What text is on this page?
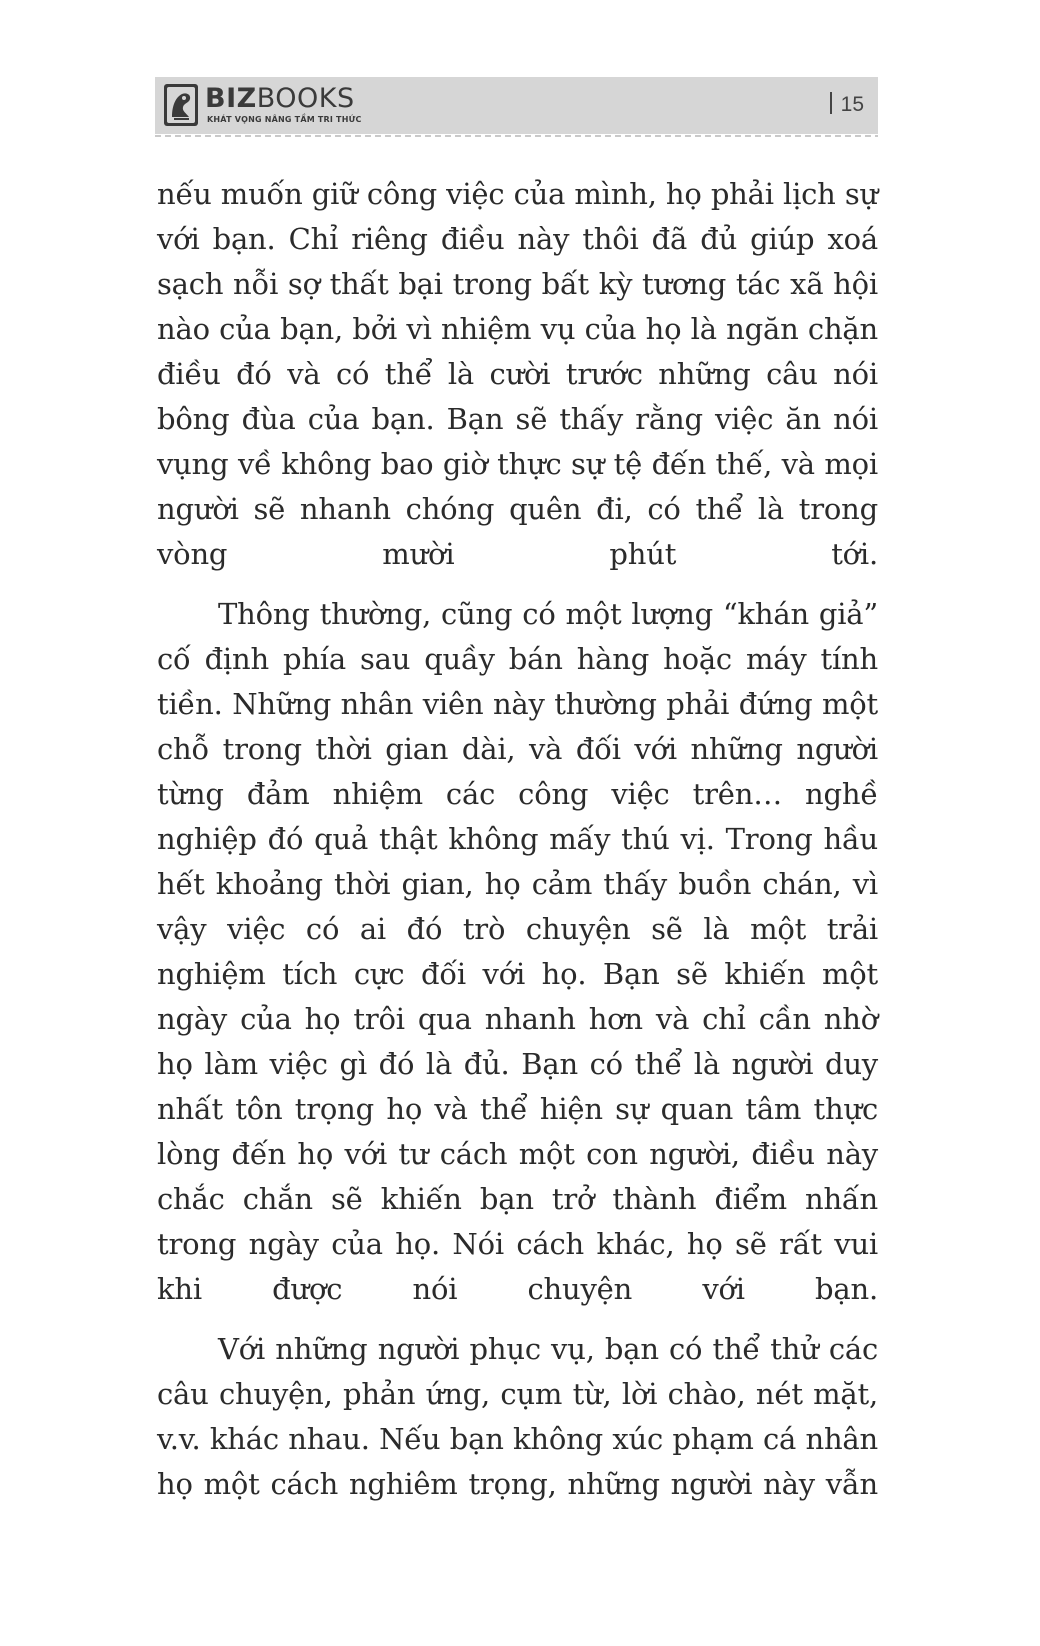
BIZBOOKS
KHÁT VỌNG NÂNG TẦM TRI THỨC
15

nếu muốn giữ công việc của mình, họ phải lịch sự với bạn. Chỉ riêng điều này thôi đã đủ giúp xoá sạch nỗi sợ thất bại trong bất kỳ tương tác xã hội nào của bạn, bởi vì nhiệm vụ của họ là ngăn chặn điều đó và có thể là cười trước những câu nói bông đùa của bạn. Bạn sẽ thấy rằng việc ăn nói vụng về không bao giờ thực sự tệ đến thế, và mọi người sẽ nhanh chóng quên đi, có thể là trong vòng mười phút tới.

Thông thường, cũng có một lượng “khán giả” cố định phía sau quầy bán hàng hoặc máy tính tiền. Những nhân viên này thường phải đứng một chỗ trong thời gian dài, và đối với những người từng đảm nhiệm các công việc trên… nghề nghiệp đó quả thật không mấy thú vị. Trong hầu hết khoảng thời gian, họ cảm thấy buồn chán, vì vậy việc có ai đó trò chuyện sẽ là một trải nghiệm tích cực đối với họ. Bạn sẽ khiến một ngày của họ trôi qua nhanh hơn và chỉ cần nhờ họ làm việc gì đó là đủ. Bạn có thể là người duy nhất tôn trọng họ và thể hiện sự quan tâm thực lòng đến họ với tư cách một con người, điều này chắc chắn sẽ khiến bạn trở thành điểm nhấn trong ngày của họ. Nói cách khác, họ sẽ rất vui khi được nói chuyện với bạn.

Với những người phục vụ, bạn có thể thử các câu chuyện, phản ứng, cụm từ, lời chào, nét mặt, v.v. khác nhau. Nếu bạn không xúc phạm cá nhân họ một cách nghiêm trọng, những người này vẫn
